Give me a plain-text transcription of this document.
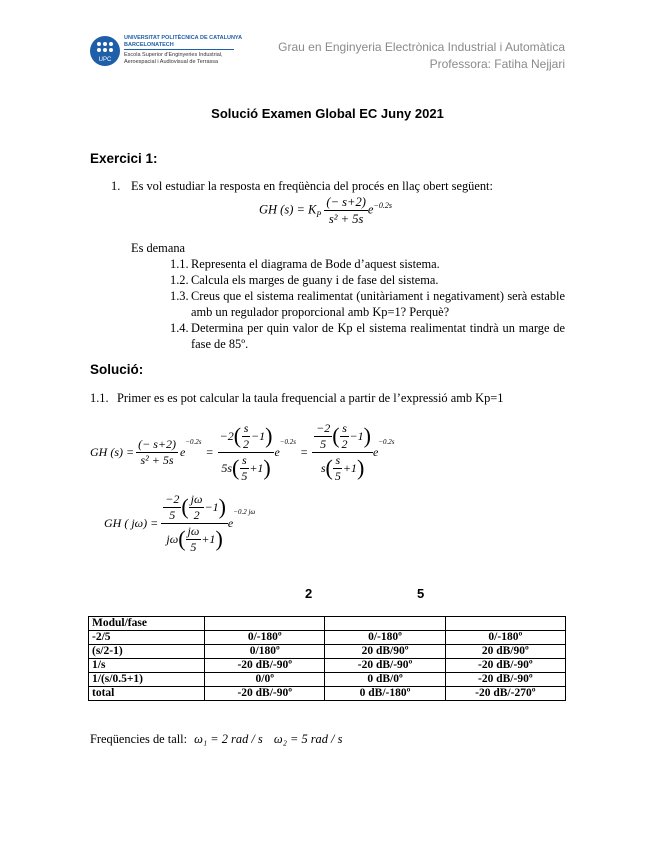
UPC
UNIVERSITAT POLITÈCNICA DE CATALUNYA
BARCELONATECH
Escola Superior d'Enginyeries Industrial,
Aeroespacial i Audiovisual de Terrassa
Grau en Enginyeria Electrònica Industrial i Automàtica
Professora: Fatiha Nejjari
Solució Examen Global EC Juny 2021
Exercici 1:
1. Es vol estudiar la resposta en freqüència del procés en llaç obert següent:
GH $(s) = K_P \frac{(- s+2)}{\text{s² + 5s}} e^{-0.2s}$
Es demana
1.1. Representa el diagrama de Bode d’aquest sistema.
1.2. Calcula els marges de guany i de fase del sistema.
1.3. Creus que el sistema realimentat (unitàriament i negativament) serà estable amb un regulador proporcional amb Kp=1? Perquè?
1.4. Determina per quin valor de Kp el sistema realimentat tindrà un marge de fase de 85º.
Solució:
1.1. Primer es es pot calcular la taula frequencial a partir de l’expressió amb Kp=1
GH $(s) = \frac{(- s+2)}{\text{s² + 5s}}$ e
$^{-0.2s}$
= $\frac{-2 ( \frac{s}{2} -1 )}{5s ( \frac{s}{5} +1 )}$ e
$^{-0.2s}$
= $\frac{\frac{-2}{5} ( \frac{s}{2} -1 )}{s ( \frac{s}{5} +1 )}$ e
$^{-0.2s}$
GH ( $j\omega) = \frac{\frac{-2}{5} ( \frac{j\omega}{2} -1 )}{j\omega ( \frac{j\omega}{5} +1 )}$ e
$^{-0.2 j\omega}$
2	5
Modul/fase			
-2/5	0/-180º	0/-180º	0/-180º
(s/2-1)	0/180º	20 dB/90º	20 dB/90º
1/s	-20 dB/-90º	-20 dB/-90º	-20 dB/-90º
1/(s/0.5+1)	0/0º	0 dB/0º	-20 dB/-90º
total	-20 dB/-90º	0 dB/-180º	-20 dB/-270º
Freqüencies de tall: ω₁ = 2 rad / s ω₂ = 5 rad / s
